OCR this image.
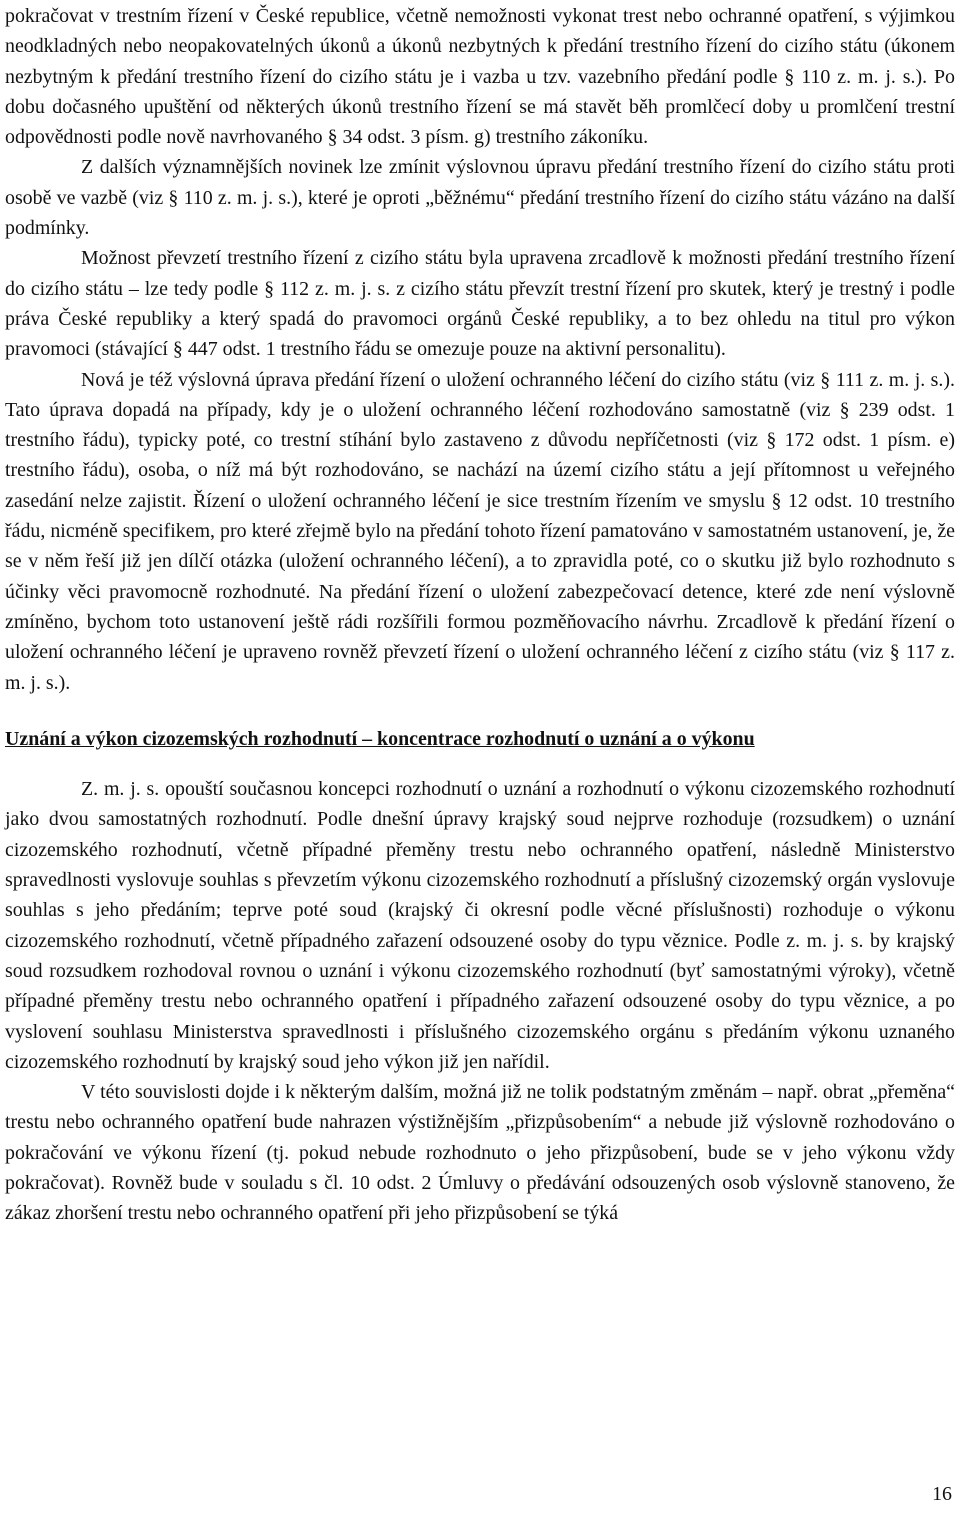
pokračovat v trestním řízení v České republice, včetně nemožnosti vykonat trest nebo ochranné opatření, s výjimkou neodkladných nebo neopakovatelných úkonů a úkonů nezbytných k předání trestního řízení do cizího státu (úkonem nezbytným k předání trestního řízení do cizího státu je i vazba u tzv. vazebního předání podle § 110 z. m. j. s.). Po dobu dočasného upuštění od některých úkonů trestního řízení se má stavět běh promlčecí doby u promlčení trestní odpovědnosti podle nově navrhovaného § 34 odst. 3 písm. g) trestního zákoníku.

Z dalších významnějších novinek lze zmínit výslovnou úpravu předání trestního řízení do cizího státu proti osobě ve vazbě (viz § 110 z. m. j. s.), které je oproti „běžnému“ předání trestního řízení do cizího státu vázáno na další podmínky.

Možnost převzetí trestního řízení z cizího státu byla upravena zrcadlově k možnosti předání trestního řízení do cizího státu – lze tedy podle § 112 z. m. j. s. z cizího státu převzít trestní řízení pro skutek, který je trestný i podle práva České republiky a který spadá do pravomoci orgánů České republiky, a to bez ohledu na titul pro výkon pravomoci (stávající § 447 odst. 1 trestního řádu se omezuje pouze na aktivní personalitu).

Nová je též výslovná úprava předání řízení o uložení ochranného léčení do cizího státu (viz § 111 z. m. j. s.). Tato úprava dopadá na případy, kdy je o uložení ochranného léčení rozhodováno samostatně (viz § 239 odst. 1 trestního řádu), typicky poté, co trestní stíhání bylo zastaveno z důvodu nepříčetnosti (viz § 172 odst. 1 písm. e) trestního řádu), osoba, o níž má být rozhodováno, se nachází na území cizího státu a její přítomnost u veřejného zasedání nelze zajistit. Řízení o uložení ochranného léčení je sice trestním řízením ve smyslu § 12 odst. 10 trestního řádu, nicméně specifikem, pro které zřejmě bylo na předání tohoto řízení pamatováno v samostatném ustanovení, je, že se v něm řeší již jen dílčí otázka (uložení ochranného léčení), a to zpravidla poté, co o skutku již bylo rozhodnuto s účinky věci pravomocně rozhodnuté. Na předání řízení o uložení zabezpečovací detence, které zde není výslovně zmíněno, bychom toto ustanovení ještě rádi rozšířili formou pozměňovacího návrhu. Zrcadlově k předání řízení o uložení ochranného léčení je upraveno rovněž převzetí řízení o uložení ochranného léčení z cizího státu (viz § 117 z. m. j. s.).

Uznání a výkon cizozemských rozhodnutí – koncentrace rozhodnutí o uznání a o výkonu

Z. m. j. s. opouští současnou koncepci rozhodnutí o uznání a rozhodnutí o výkonu cizozemského rozhodnutí jako dvou samostatných rozhodnutí. Podle dnešní úpravy krajský soud nejprve rozhoduje (rozsudkem) o uznání cizozemského rozhodnutí, včetně případné přeměny trestu nebo ochranného opatření, následně Ministerstvo spravedlnosti vyslovuje souhlas s převzetím výkonu cizozemského rozhodnutí a příslušný cizozemský orgán vyslovuje souhlas s jeho předáním; teprve poté soud (krajský či okresní podle věcné příslušnosti) rozhoduje o výkonu cizozemského rozhodnutí, včetně případného zařazení odsouzené osoby do typu věznice. Podle z. m. j. s. by krajský soud rozsudkem rozhodoval rovnou o uznání i výkonu cizozemského rozhodnutí (byť samostatnými výroky), včetně případné přeměny trestu nebo ochranného opatření i případného zařazení odsouzené osoby do typu věznice, a po vyslovení souhlasu Ministerstva spravedlnosti i příslušného cizozemského orgánu s předáním výkonu uznaného cizozemského rozhodnutí by krajský soud jeho výkon již jen nařídil.

V této souvislosti dojde i k některým dalším, možná již ne tolik podstatným změnám – např. obrat „přeměna“ trestu nebo ochranného opatření bude nahrazen výstižnějším „přizpůsobením“ a nebude již výslovně rozhodováno o pokračování ve výkonu řízení (tj. pokud nebude rozhodnuto o jeho přizpůsobení, bude se v jeho výkonu vždy pokračovat). Rovněž bude v souladu s čl. 10 odst. 2 Úmluvy o předávání odsouzených osob výslovně stanoveno, že zákaz zhoršení trestu nebo ochranného opatření při jeho přizpůsobení se týká

16
